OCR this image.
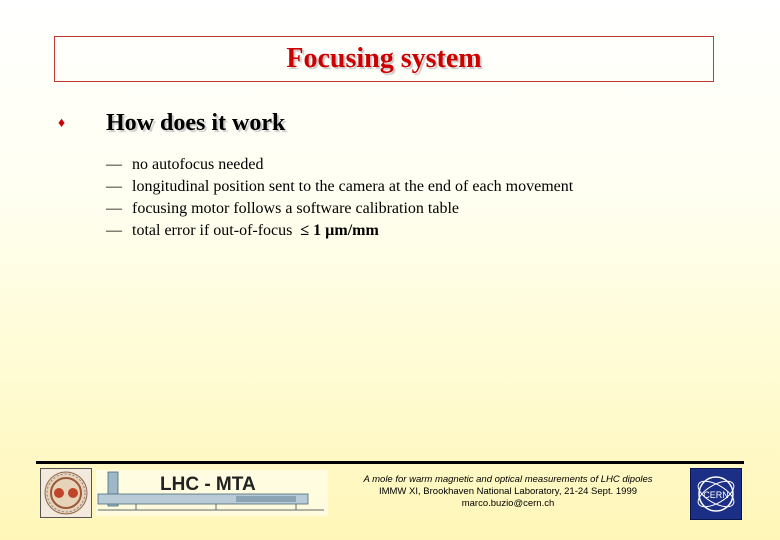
Focusing system
♦	How does it work
— no autofocus needed
— longitudinal position sent to the camera at the end of each movement
— focusing motor follows a software calibration table
— total error if out-of-focus ≤ 1 µm/mm
LHC - MTA	A mole for warm magnetic and optical measurements of LHC dipoles
IMMW XI, Brookhaven National Laboratory, 21-24 Sept. 1999
marco.buzio@cern.ch
CERN
